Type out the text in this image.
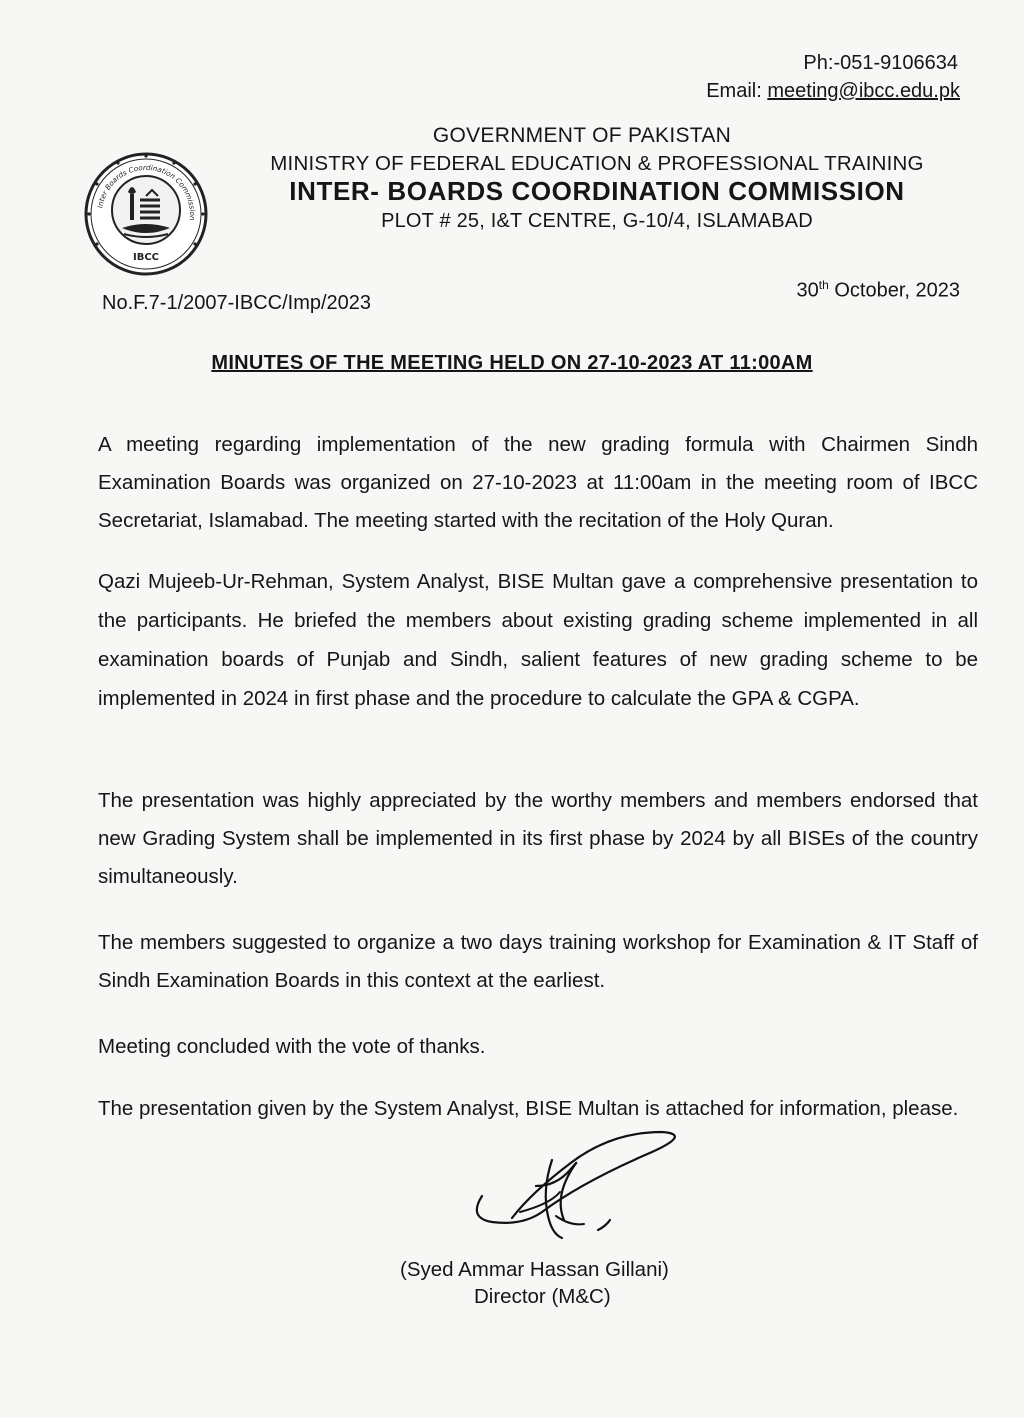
Ph:-051-9106634
Email: meeting@ibcc.edu.pk
Inter Boards Coordination Commission
IBCC
GOVERNMENT OF PAKISTAN
MINISTRY OF FEDERAL EDUCATION & PROFESSIONAL TRAINING
INTER- BOARDS COORDINATION COMMISSION
PLOT # 25, I&T CENTRE, G-10/4, ISLAMABAD
No.F.7-1/2007-IBCC/Imp/2023
30th October, 2023
MINUTES OF THE MEETING HELD ON 27-10-2023 AT 11:00AM

A meeting regarding implementation of the new grading formula with Chairmen Sindh Examination Boards was organized on 27-10-2023 at 11:00am in the meeting room of IBCC Secretariat, Islamabad. The meeting started with the recitation of the Holy Quran.

Qazi Mujeeb-Ur-Rehman, System Analyst, BISE Multan gave a comprehensive presentation to the participants. He briefed the members about existing grading scheme implemented in all examination boards of Punjab and Sindh, salient features of new grading scheme to be implemented in 2024 in first phase and the procedure to calculate the GPA & CGPA.

The presentation was highly appreciated by the worthy members and members endorsed that new Grading System shall be implemented in its first phase by 2024 by all BISEs of the country simultaneously.

The members suggested to organize a two days training workshop for Examination & IT Staff of Sindh Examination Boards in this context at the earliest.

Meeting concluded with the vote of thanks.

The presentation given by the System Analyst, BISE Multan is attached for information, please.

(Syed Ammar Hassan Gillani)
Director (M&C)
